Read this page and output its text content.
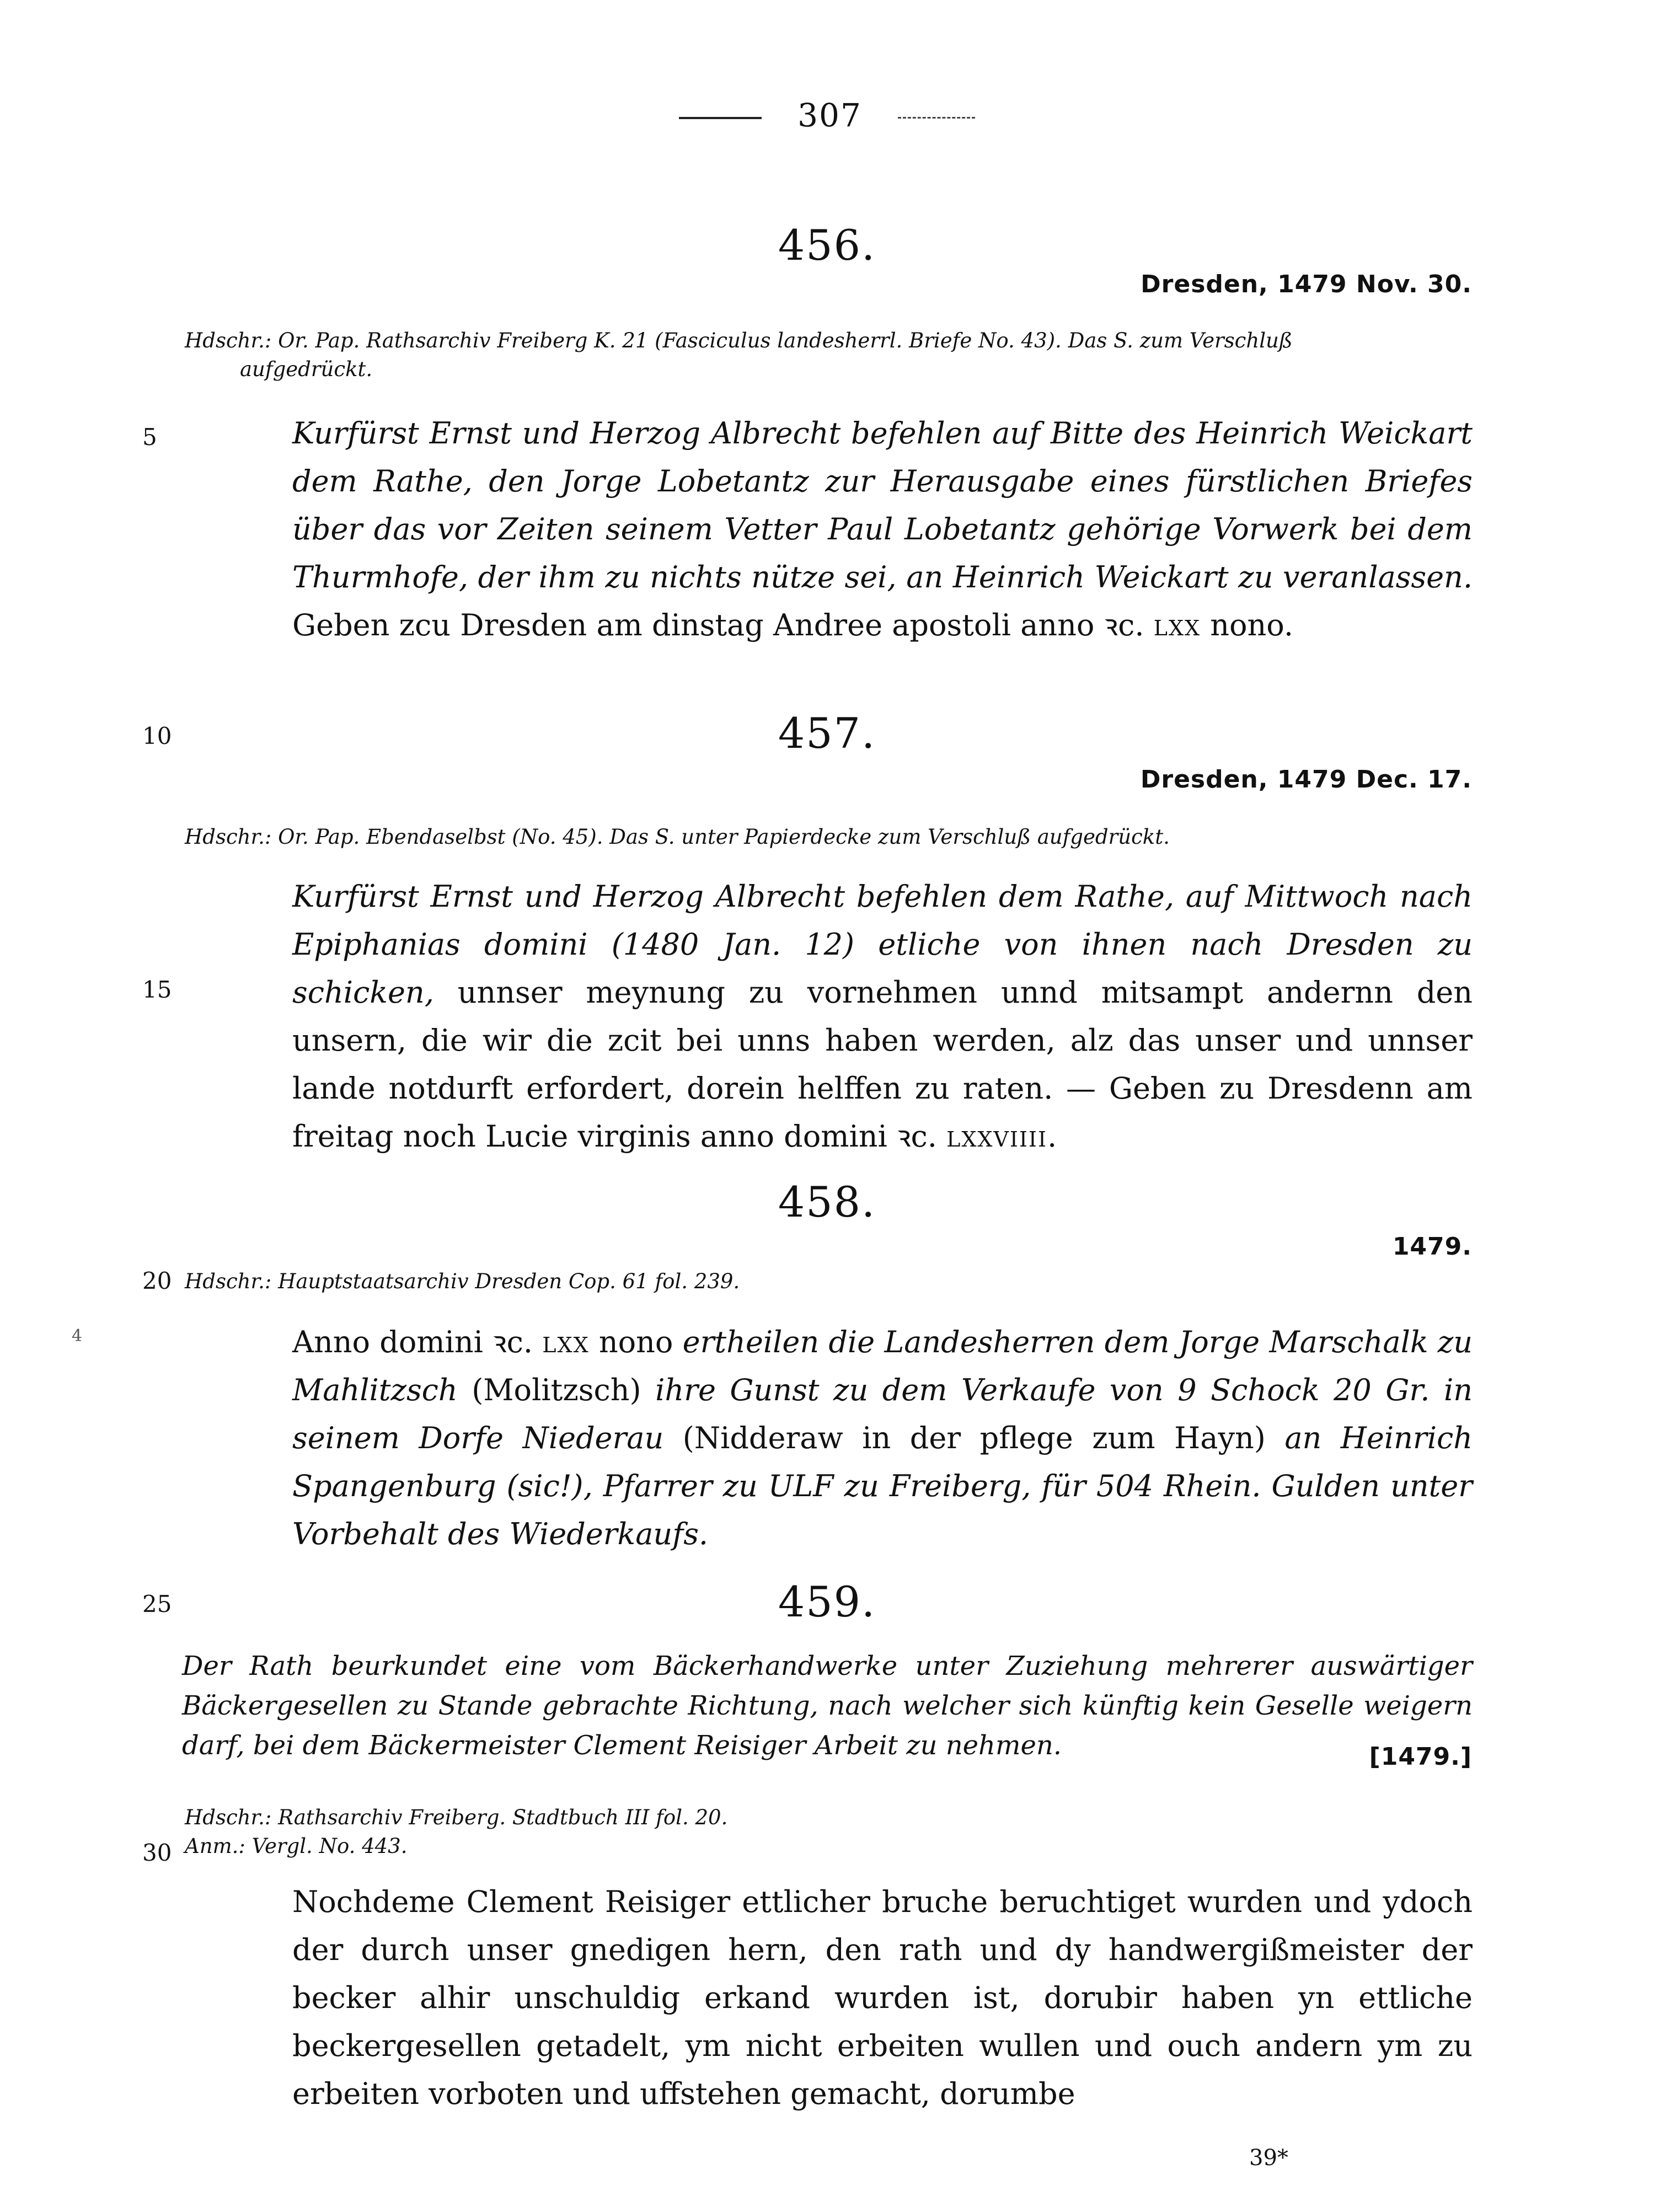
307
5
10
15
20
25
30
4
456.
Dresden, 1479 Nov. 30.
Hdschr.: Or. Pap. Rathsarchiv Freiberg K. 21 (Fasciculus landesherrl. Briefe No. 43). Das S. zum Verschluß
aufgedrückt.
Kurfürst Ernst und Herzog Albrecht befehlen auf Bitte des Heinrich Weickart dem Rathe, den Jorge Lobetantz zur Herausgabe eines fürstlichen Briefes über das vor Zeiten seinem Vetter Paul Lobetantz gehörige Vorwerk bei dem Thurmhofe, der ihm zu nichts nütze sei, an Heinrich Weickart zu veranlassen. Geben zcu Dresden am dinstag Andree apostoli anno ꝛc. lxx nono.
457.
Dresden, 1479 Dec. 17.
Hdschr.: Or. Pap. Ebendaselbst (No. 45). Das S. unter Papierdecke zum Verschluß aufgedrückt.
Kurfürst Ernst und Herzog Albrecht befehlen dem Rathe, auf Mittwoch nach Epiphanias domini (1480 Jan. 12) etliche von ihnen nach Dresden zu schicken, unnser meynung zu vornehmen unnd mitsampt andernn den unsern, die wir die zcit bei unns haben werden, alz das unser und unnser lande notdurft erfordert, dorein helffen zu raten. — Geben zu Dresdenn am freitag noch Lucie virginis anno domini ꝛc. lxxviiii.
458.
1479.
Hdschr.: Hauptstaatsarchiv Dresden Cop. 61 fol. 239.
Anno domini ꝛc. lxx nono ertheilen die Landesherren dem Jorge Marschalk zu Mahlitzsch (Molitzsch) ihre Gunst zu dem Verkaufe von 9 Schock 20 Gr. in seinem Dorfe Niederau (Nidderaw in der pflege zum Hayn) an Heinrich Spangenburg (sic!), Pfarrer zu ULF zu Freiberg, für 504 Rhein. Gulden unter Vorbehalt des Wiederkaufs.
459.
Der Rath beurkundet eine vom Bäckerhandwerke unter Zuziehung mehrerer auswärtiger Bäckergesellen zu Stande gebrachte Richtung, nach welcher sich künftig kein Geselle weigern darf, bei dem Bäckermeister Clement Reisiger Arbeit zu nehmen.	[1479.]
Hdschr.: Rathsarchiv Freiberg. Stadtbuch III fol. 20.
Anm.: Vergl. No. 443.
Nochdeme Clement Reisiger ettlicher bruche beruchtiget wurden und ydoch der durch unser gnedigen hern, den rath und dy handwergißmeister der becker alhir unschuldig erkand wurden ist, dorubir haben yn ettliche beckergesellen getadelt, ym nicht erbeiten wullen und ouch andern ym zu erbeiten vorboten und uffstehen gemacht, dorumbe
39*
